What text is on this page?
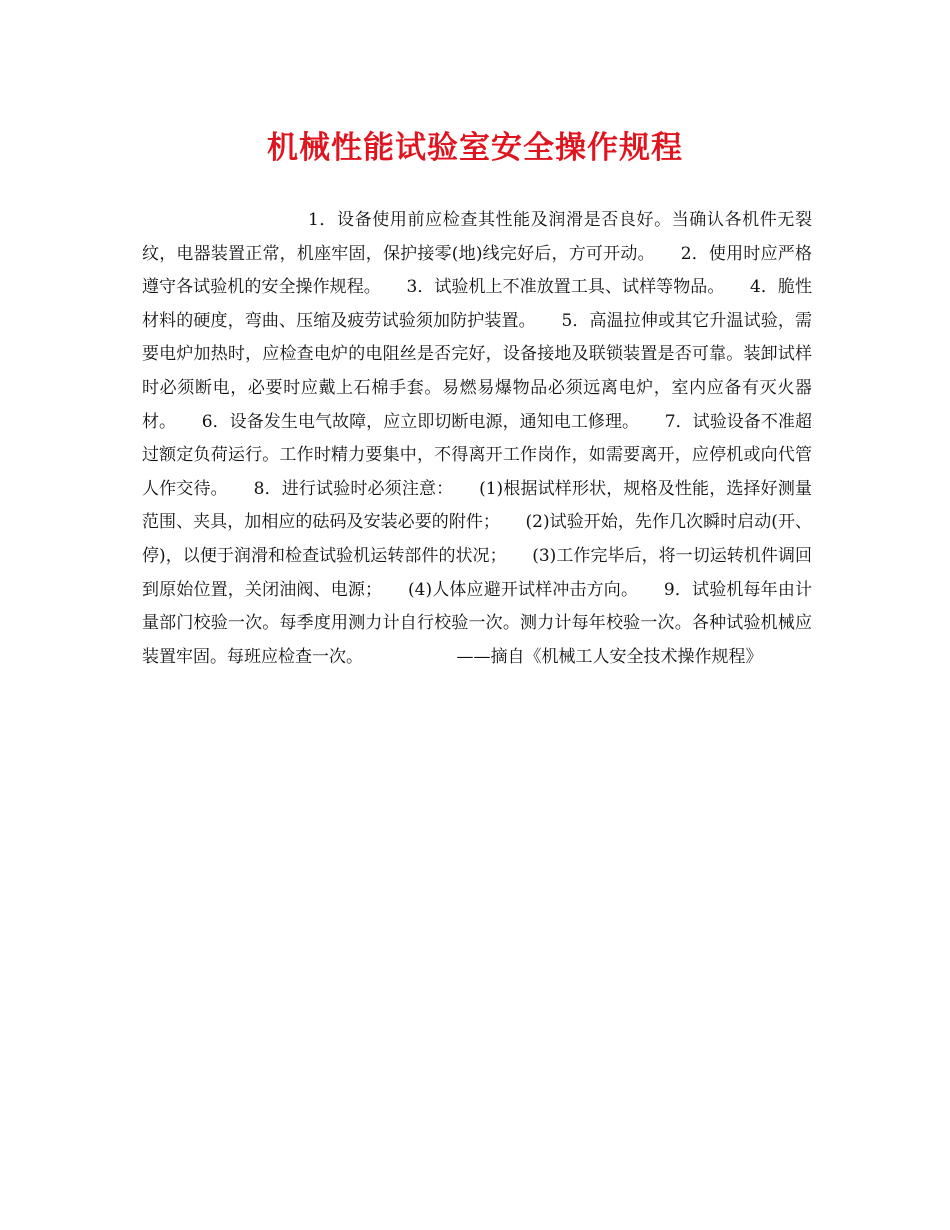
机械性能试验室安全操作规程

1．设备使用前应检查其性能及润滑是否良好。当确认各机件无裂纹，电器装置正常，机座牢固，保护接零(地)线完好后，方可开动。　　2．使用时应严格遵守各试验机的安全操作规程。　　3．试验机上不准放置工具、试样等物品。　　4．脆性材料的硬度，弯曲、压缩及疲劳试验须加防护装置。　　5．高温拉伸或其它升温试验，需要电炉加热时，应检查电炉的电阻丝是否完好，设备接地及联锁装置是否可靠。装卸试样时必须断电，必要时应戴上石棉手套。易燃易爆物品必须远离电炉，室内应备有灭火器材。　　6．设备发生电气故障，应立即切断电源，通知电工修理。　　7．试验设备不准超过额定负荷运行。工作时精力要集中，不得离开工作岗作，如需要离开，应停机或向代管人作交待。　　8．进行试验时必须注意：　　(1)根据试样形状，规格及性能，选择好测量范围、夹具，加相应的砝码及安装必要的附件；　　(2)试验开始，先作几次瞬时启动(开、停)，以便于润滑和检查试验机运转部件的状况；　　(3)工作完毕后，将一切运转机件调回到原始位置，关闭油阀、电源；　　(4)人体应避开试样冲击方向。　　9．试验机每年由计量部门校验一次。每季度用测力计自行校验一次。测力计每年校验一次。各种试验机械应装置牢固。每班应检查一次。　　　　　　——摘自《机械工人安全技术操作规程》
